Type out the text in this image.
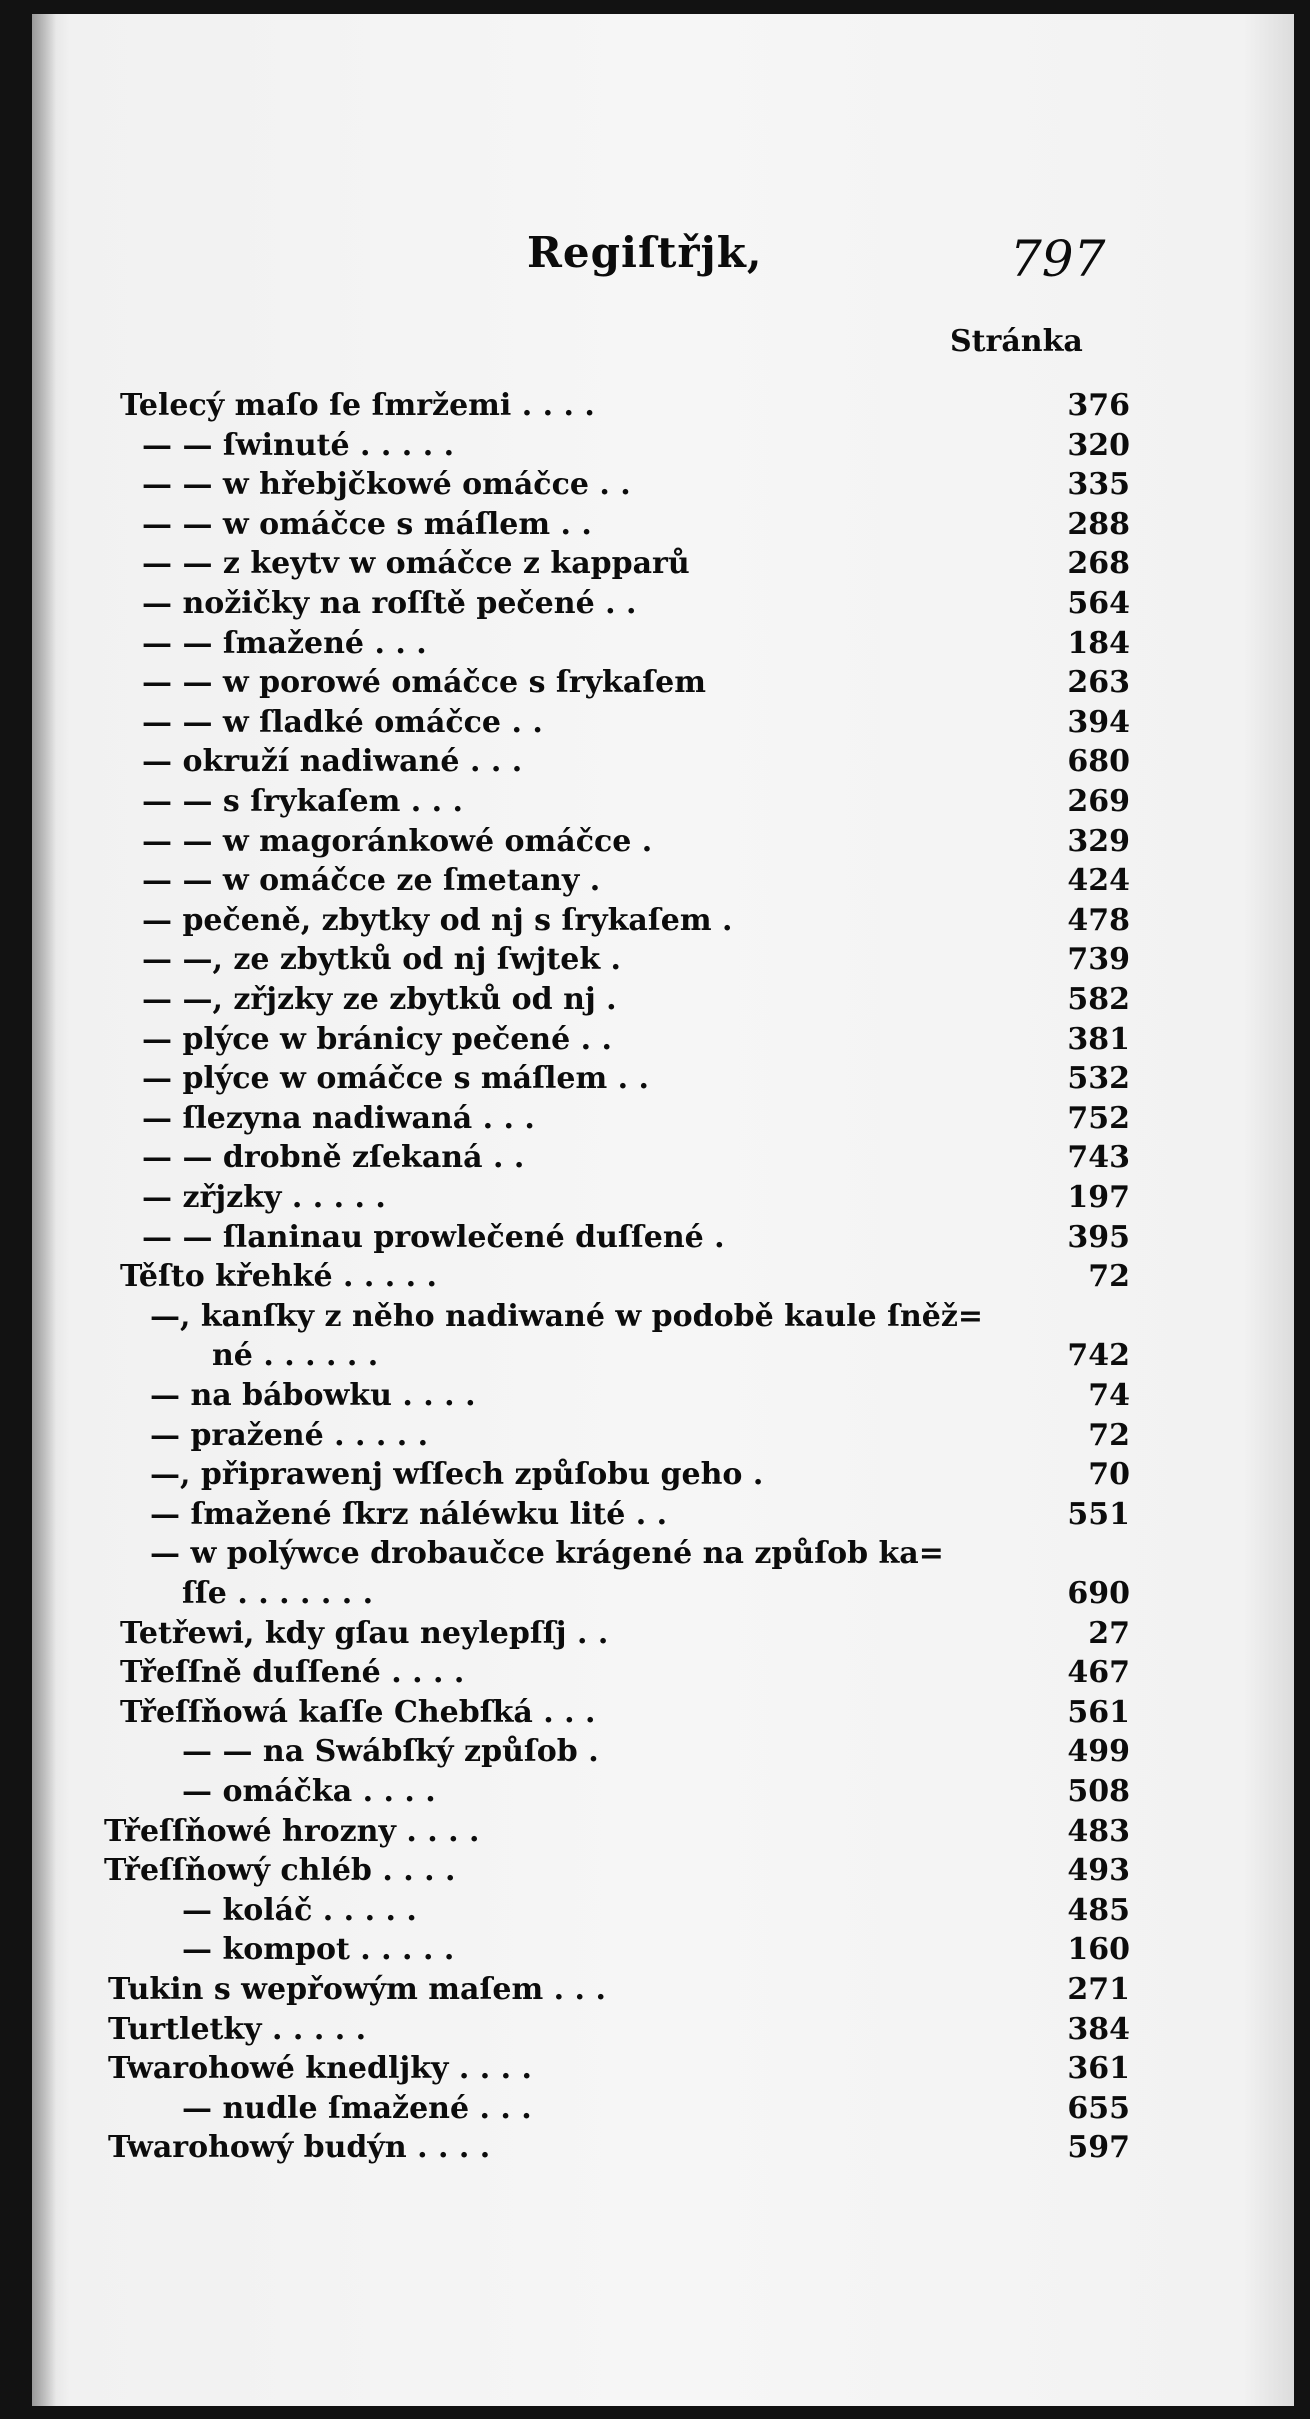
Regiſtřjk,	797
Stránka
Telecý maſo ſe ſmržemi . . . .	376
— — ſwinuté . . . . .	320
— — w hřebjčkowé omáčce . .	335
— — w omáčce s máſlem . .	288
— — z keytv w omáčce z kapparů	268
— nožičky na roſſtě pečené . .	564
— — ſmažené . . .	184
— — w porowé omáčce s ſrykaſem	263
— — w ſladké omáčce . .	394
— okruží nadiwané . . .	680
— — s ſrykaſem . . .	269
— — w magoránkowé omáčce .	329
— — w omáčce ze ſmetany .	424
— pečeně, zbytky od nj s ſrykaſem .	478
— —, ze zbytků od nj ſwjtek .	739
— —, zřjzky ze zbytků od nj .	582
— plýce w bránicy pečené . .	381
— plýce w omáčce s máſlem . .	532
— ſlezyna nadiwaná . . .	752
— — drobně zſekaná . .	743
— zřjzky . . . . .	197
— — ſlaninau prowlečené duſſené .	395
Těſto křehké . . . . .	72
—, kanſky z něho nadiwané w podobě kaule ſněž=
né . . . . . .	742
— na bábowku . . . .	74
— pražené . . . . .	72
—, připrawenj wſſech způſobu geho .	70
— ſmažené ſkrz náléwku lité . .	551
— w polýwce drobaučce krágené na způſob ka=
ſſe . . . . . . .	690
Tetřewi, kdy gſau neylepſſj . .	27
Třeſſně duſſené . . . .	467
Třeſſňowá kaſſe Chebſká . . .	561
— — na Swábſký způſob .	499
— omáčka . . . .	508
Třeſſňowé hrozny . . . .	483
Třeſſňowý chléb . . . .	493
— koláč . . . . .	485
— kompot . . . . .	160
Tukin s wepřowým maſem . . .	271
Turtletky . . . . .	384
Twarohowé knedljky . . . .	361
— nudle ſmažené . . .	655
Twarohowý budýn . . . .	597
